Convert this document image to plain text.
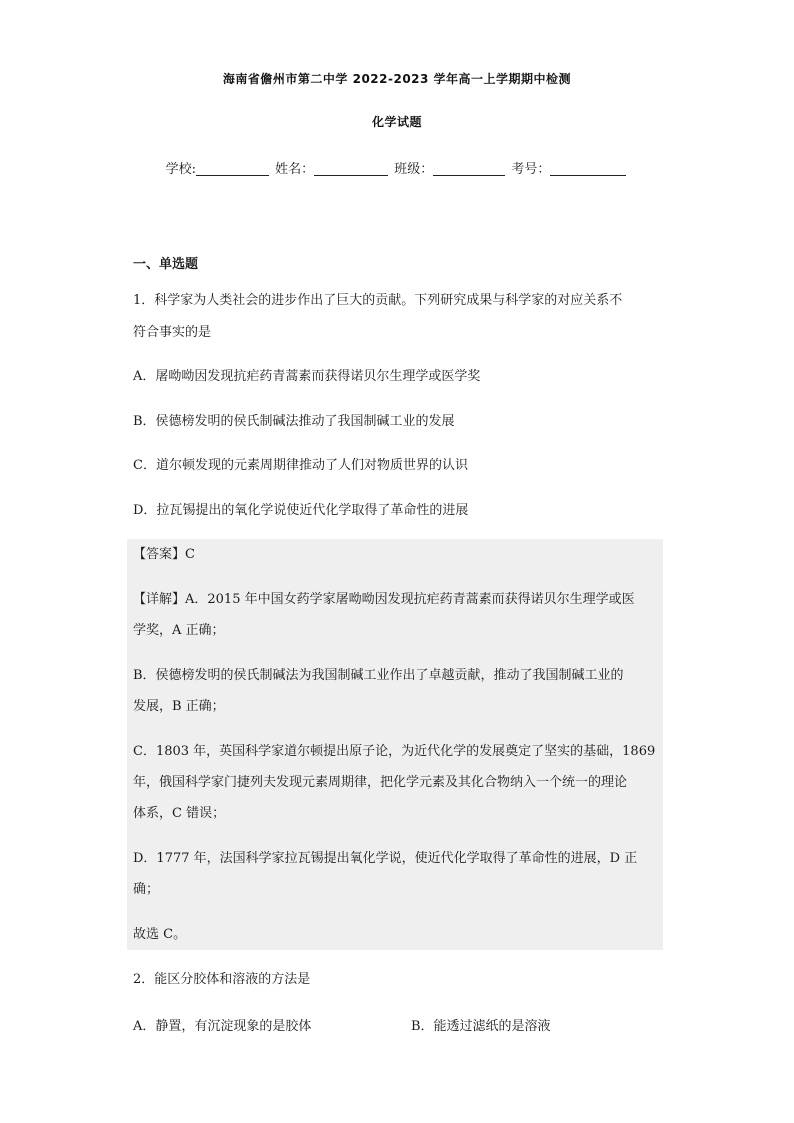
海南省儋州市第二中学 2022-2023 学年高一上学期期中检测
化学试题
学校:	姓名：	班级：	考号：
一、单选题
1．科学家为人类社会的进步作出了巨大的贡献。下列研究成果与科学家的对应关系不
符合事实的是
A．屠呦呦因发现抗疟药青蒿素而获得诺贝尔生理学或医学奖
B．侯德榜发明的侯氏制碱法推动了我国制碱工业的发展
C．道尔顿发现的元素周期律推动了人们对物质世界的认识
D．拉瓦锡提出的氧化学说使近代化学取得了革命性的进展
【答案】C
【详解】A．2015 年中国女药学家屠呦呦因发现抗疟药青蒿素而获得诺贝尔生理学或医
学奖，A 正确；
B．侯德榜发明的侯氏制碱法为我国制碱工业作出了卓越贡献，推动了我国制碱工业的
发展，B 正确；
C．1803 年，英国科学家道尔顿提出原子论，为近代化学的发展奠定了坚实的基础，1869
年，俄国科学家门捷列夫发现元素周期律，把化学元素及其化合物纳入一个统一的理论
体系，C 错误；
D．1777 年，法国科学家拉瓦锡提出氧化学说，使近代化学取得了革命性的进展，D 正
确；
故选 C。
2．能区分胶体和溶液的方法是
A．静置，有沉淀现象的是胶体	B．能透过滤纸的是溶液
